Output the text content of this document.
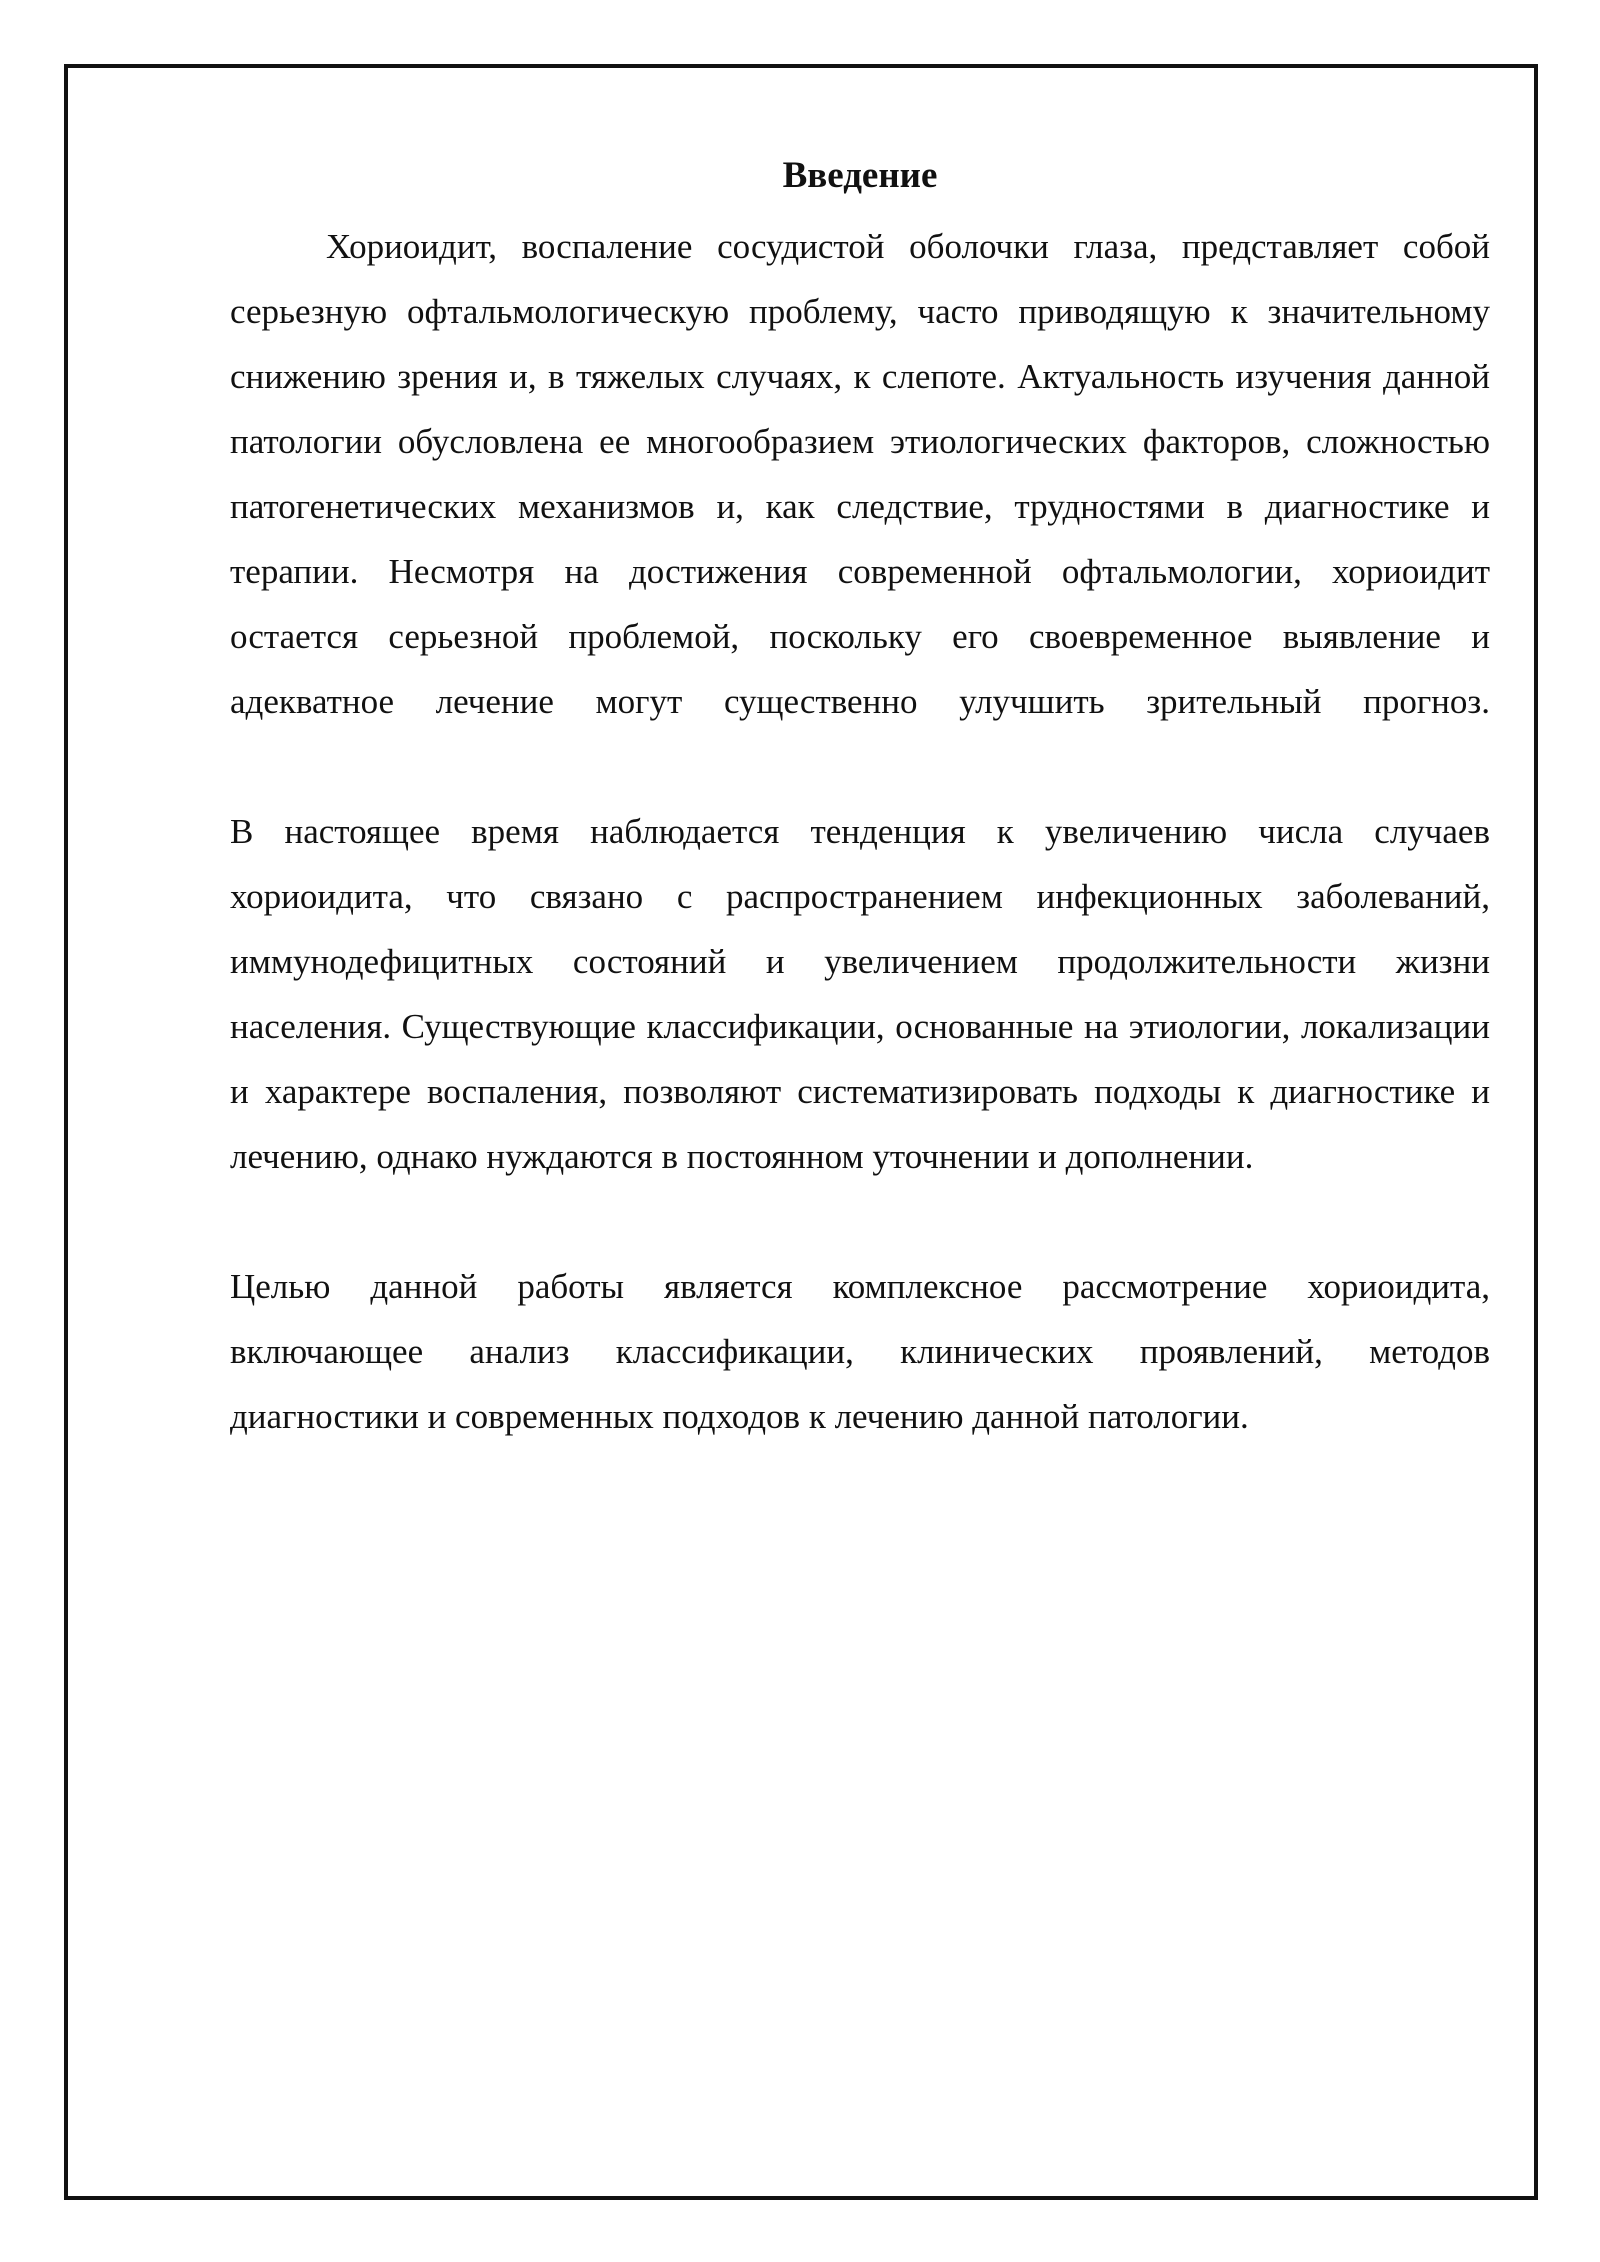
Введение

Хориоидит, воспаление сосудистой оболочки глаза, представляет собой серьезную офтальмологическую проблему, часто приводящую к значительному снижению зрения и, в тяжелых случаях, к слепоте. Актуальность изучения данной патологии обусловлена ее многообразием этиологических факторов, сложностью патогенетических механизмов и, как следствие, трудностями в диагностике и терапии. Несмотря на достижения современной офтальмологии, хориоидит остается серьезной проблемой, поскольку его своевременное выявление и адекватное лечение могут существенно улучшить зрительный прогноз.

В настоящее время наблюдается тенденция к увеличению числа случаев хориоидита, что связано с распространением инфекционных заболеваний, иммунодефицитных состояний и увеличением продолжительности жизни населения. Существующие классификации, основанные на этиологии, локализации и характере воспаления, позволяют систематизировать подходы к диагностике и лечению, однако нуждаются в постоянном уточнении и дополнении.

Целью данной работы является комплексное рассмотрение хориоидита, включающее анализ классификации, клинических проявлений, методов диагностики и современных подходов к лечению данной патологии.
